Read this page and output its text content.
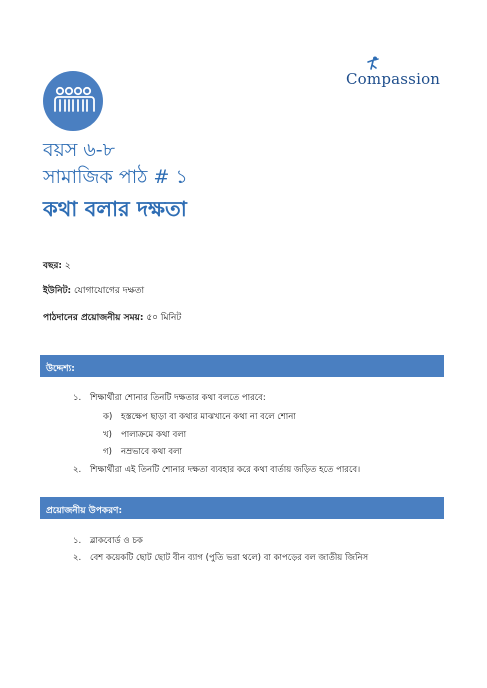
Compassion
বয়স ৬-৮
সামাজিক পাঠ # ১
কথা বলার দক্ষতা
বছর: ২
ইউনিট: যোগাযোগের দক্ষতা
পাঠদানের প্রয়োজনীয় সময়: ৫০ মিনিট
উদ্দেশ্য:
১. শিক্ষার্থীরা শোনার তিনটি দক্ষতার কথা বলতে পারবে:
ক) হস্তক্ষেপ ছাড়া বা কথার মাঝখানে কথা না বলে শোনা
খ) পালাক্রমে কথা বলা
গ) নম্রভাবে কথা বলা
২. শিক্ষার্থীরা এই তিনটি শোনার দক্ষতা ব্যবহার করে কথা বার্তায় জড়িত হতে পারবে।
প্রয়োজনীয় উপকরণ:
১. ব্লাকবোর্ড ও চক
২. বেশ কয়েকটি ছোট ছোট বীন ব্যাগ (পুতি ভরা থলে) বা কাপড়ের বল জাতীয় জিনিস
